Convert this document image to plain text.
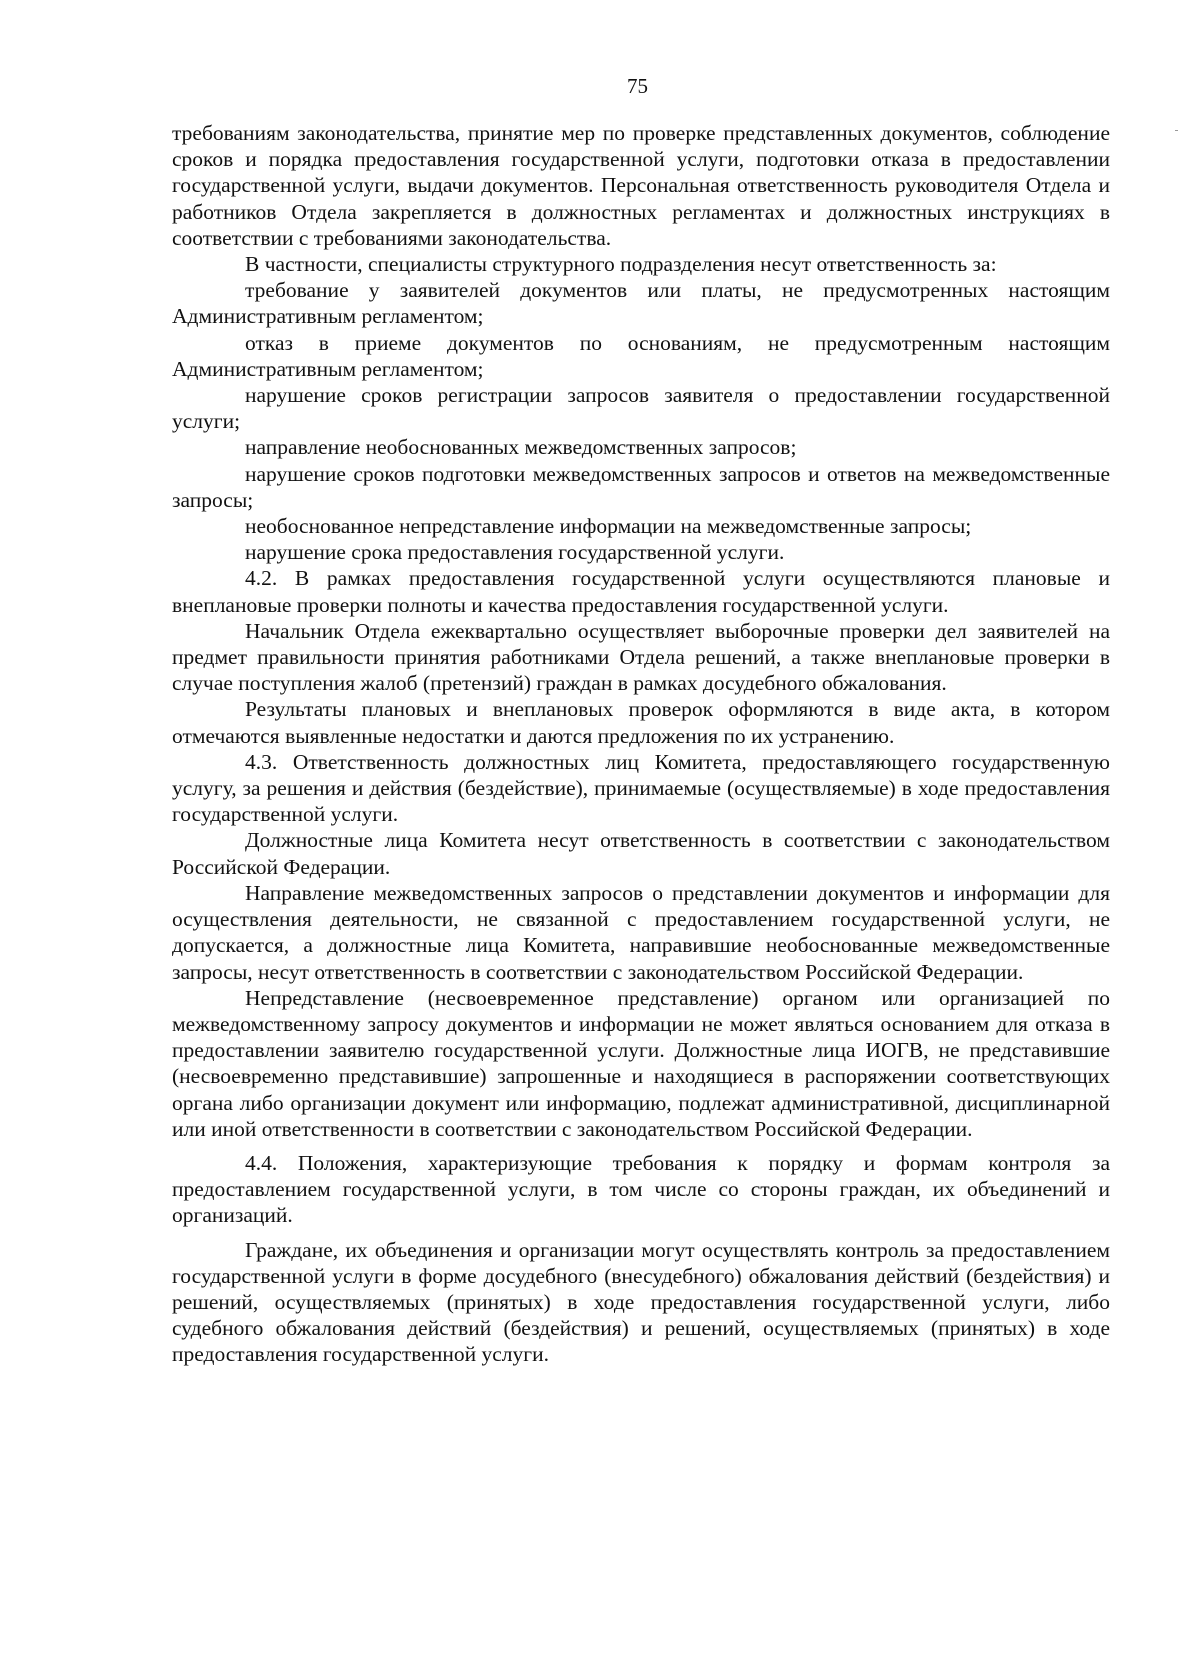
75

требованиям законодательства, принятие мер по проверке представленных документов, соблюдение сроков и порядка предоставления государственной услуги, подготовки отказа в предоставлении государственной услуги, выдачи документов. Персональная ответственность руководителя Отдела и работников Отдела закрепляется в должностных регламентах и должностных инструкциях в соответствии с требованиями законодательства.

В частности, специалисты структурного подразделения несут ответственность за:

требование у заявителей документов или платы, не предусмотренных настоящим Административным регламентом;

отказ в приеме документов по основаниям, не предусмотренным настоящим Административным регламентом;

нарушение сроков регистрации запросов заявителя о предоставлении государственной услуги;

направление необоснованных межведомственных запросов;

нарушение сроков подготовки межведомственных запросов и ответов на межведомственные запросы;

необоснованное непредставление информации на межведомственные запросы;

нарушение срока предоставления государственной услуги.

4.2. В рамках предоставления государственной услуги осуществляются плановые и внеплановые проверки полноты и качества предоставления государственной услуги.

Начальник Отдела ежеквартально осуществляет выборочные проверки дел заявителей на предмет правильности принятия работниками Отдела решений, а также внеплановые проверки в случае поступления жалоб (претензий) граждан в рамках досудебного обжалования.

Результаты плановых и внеплановых проверок оформляются в виде акта, в котором отмечаются выявленные недостатки и даются предложения по их устранению.

4.3. Ответственность должностных лиц Комитета, предоставляющего государственную услугу, за решения и действия (бездействие), принимаемые (осуществляемые) в ходе предоставления государственной услуги.

Должностные лица Комитета несут ответственность в соответствии с законодательством Российской Федерации.

Направление межведомственных запросов о представлении документов и информации для осуществления деятельности, не связанной с предоставлением государственной услуги, не допускается, а должностные лица Комитета, направившие необоснованные межведомственные запросы, несут ответственность в соответствии с законодательством Российской Федерации.

Непредставление (несвоевременное представление) органом или организацией по межведомственному запросу документов и информации не может являться основанием для отказа в предоставлении заявителю государственной услуги. Должностные лица ИОГВ, не представившие (несвоевременно представившие) запрошенные и находящиеся в распоряжении соответствующих органа либо организации документ или информацию, подлежат административной, дисциплинарной или иной ответственности в соответствии с законодательством Российской Федерации.

4.4. Положения, характеризующие требования к порядку и формам контроля за предоставлением государственной услуги, в том числе со стороны граждан, их объединений и организаций.

Граждане, их объединения и организации могут осуществлять контроль за предоставлением государственной услуги в форме досудебного (внесудебного) обжалования действий (бездействия) и решений, осуществляемых (принятых) в ходе предоставления государственной услуги, либо судебного обжалования действий (бездействия) и решений, осуществляемых (принятых) в ходе предоставления государственной услуги.
